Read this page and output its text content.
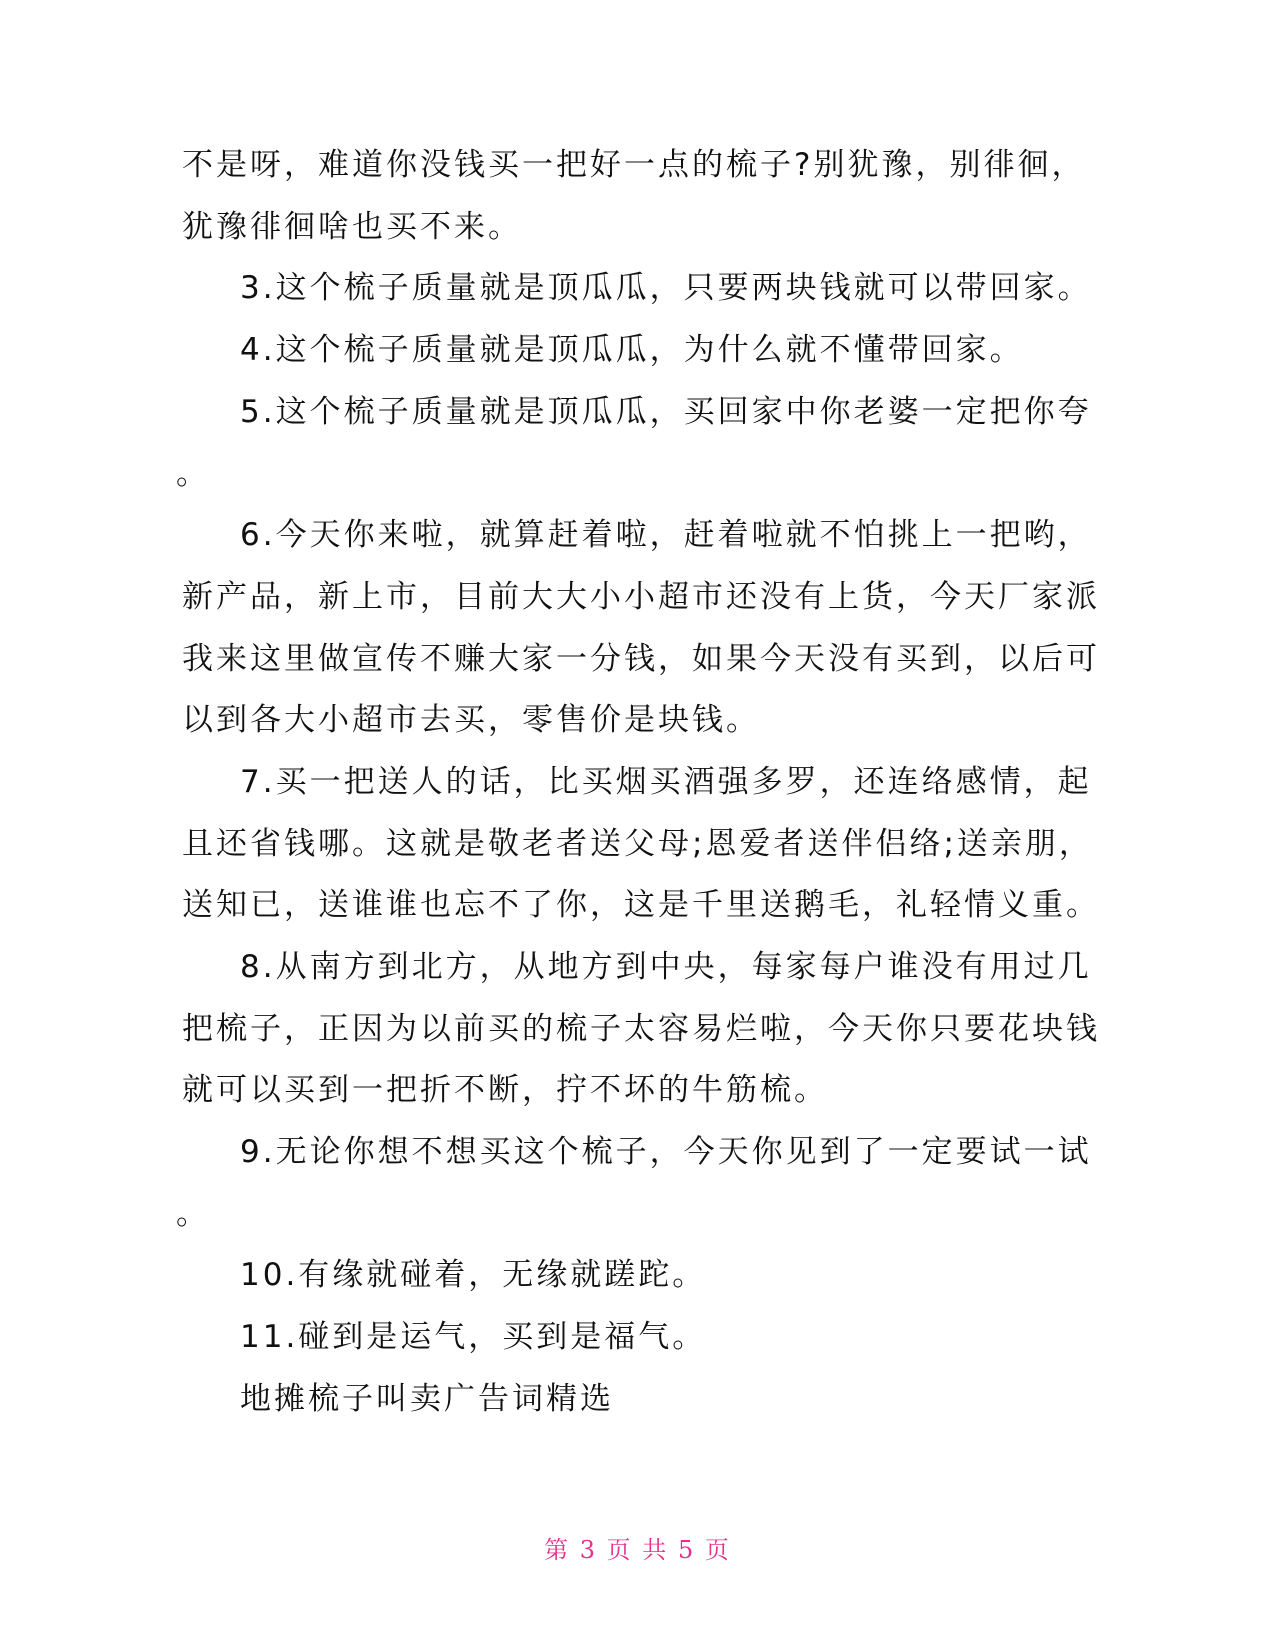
不是呀，难道你没钱买一把好一点的梳子?别犹豫，别徘徊，
犹豫徘徊啥也买不来。
3.这个梳子质量就是顶瓜瓜，只要两块钱就可以带回家。
4.这个梳子质量就是顶瓜瓜，为什么就不懂带回家。
5.这个梳子质量就是顶瓜瓜，买回家中你老婆一定把你夸
。
6.今天你来啦，就算赶着啦，赶着啦就不怕挑上一把哟，
新产品，新上市，目前大大小小超市还没有上货，今天厂家派
我来这里做宣传不赚大家一分钱，如果今天没有买到，以后可
以到各大小超市去买，零售价是块钱。
7.买一把送人的话，比买烟买酒强多罗，还连络感情，起
且还省钱哪。这就是敬老者送父母;恩爱者送伴侣络;送亲朋，
送知已，送谁谁也忘不了你，这是千里送鹅毛，礼轻情义重。
8.从南方到北方，从地方到中央，每家每户谁没有用过几
把梳子，正因为以前买的梳子太容易烂啦，今天你只要花块钱
就可以买到一把折不断，拧不坏的牛筋梳。
9.无论你想不想买这个梳子，今天你见到了一定要试一试
。
10.有缘就碰着，无缘就蹉跎。
11.碰到是运气，买到是福气。
地摊梳子叫卖广告词精选
第 3 页 共 5 页
